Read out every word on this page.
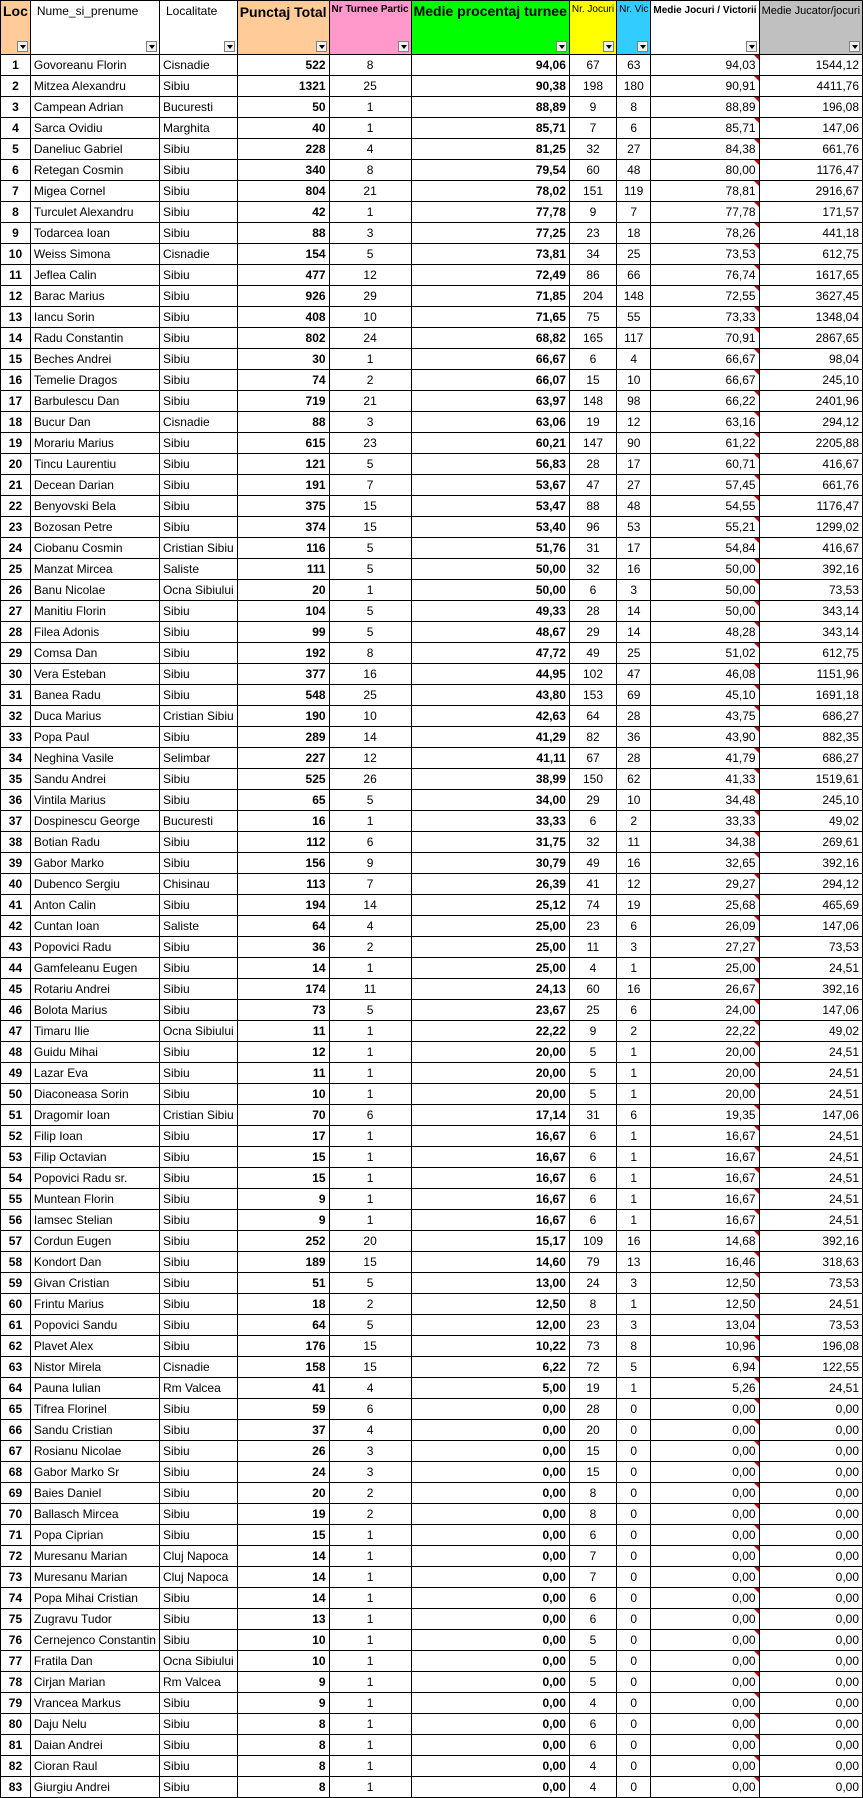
Loc	Nume_si_prenume	Localitate	Punctaj Total	Nr Turnee Partic	Medie procentaj turnee	Nr. Jocuri	Nr. Vic	Medie Jocuri / Victorii	Medie Jucator/jocuri

1	Govoreanu Florin	Cisnadie	522	8	94,06	67	63	94,03	1544,12
2	Mitzea Alexandru	Sibiu	1321	25	90,38	198	180	90,91	4411,76
3	Campean Adrian	Bucuresti	50	1	88,89	9	8	88,89	196,08
4	Sarca Ovidiu	Marghita	40	1	85,71	7	6	85,71	147,06
5	Daneliuc Gabriel	Sibiu	228	4	81,25	32	27	84,38	661,76
6	Retegan Cosmin	Sibiu	340	8	79,54	60	48	80,00	1176,47
7	Migea Cornel	Sibiu	804	21	78,02	151	119	78,81	2916,67
8	Turculet Alexandru	Sibiu	42	1	77,78	9	7	77,78	171,57
9	Todarcea Ioan	Sibiu	88	3	77,25	23	18	78,26	441,18
10	Weiss Simona	Cisnadie	154	5	73,81	34	25	73,53	612,75
11	Jeflea Calin	Sibiu	477	12	72,49	86	66	76,74	1617,65
12	Barac Marius	Sibiu	926	29	71,85	204	148	72,55	3627,45
13	Iancu Sorin	Sibiu	408	10	71,65	75	55	73,33	1348,04
14	Radu Constantin	Sibiu	802	24	68,82	165	117	70,91	2867,65
15	Beches Andrei	Sibiu	30	1	66,67	6	4	66,67	98,04
16	Temelie Dragos	Sibiu	74	2	66,07	15	10	66,67	245,10
17	Barbulescu Dan	Sibiu	719	21	63,97	148	98	66,22	2401,96
18	Bucur Dan	Cisnadie	88	3	63,06	19	12	63,16	294,12
19	Morariu Marius	Sibiu	615	23	60,21	147	90	61,22	2205,88
20	Tincu Laurentiu	Sibiu	121	5	56,83	28	17	60,71	416,67
21	Decean Darian	Sibiu	191	7	53,67	47	27	57,45	661,76
22	Benyovski Bela	Sibiu	375	15	53,47	88	48	54,55	1176,47
23	Bozosan Petre	Sibiu	374	15	53,40	96	53	55,21	1299,02
24	Ciobanu Cosmin	Cristian Sibiu	116	5	51,76	31	17	54,84	416,67
25	Manzat Mircea	Saliste	111	5	50,00	32	16	50,00	392,16
26	Banu Nicolae	Ocna Sibiului	20	1	50,00	6	3	50,00	73,53
27	Manitiu Florin	Sibiu	104	5	49,33	28	14	50,00	343,14
28	Filea Adonis	Sibiu	99	5	48,67	29	14	48,28	343,14
29	Comsa Dan	Sibiu	192	8	47,72	49	25	51,02	612,75
30	Vera Esteban	Sibiu	377	16	44,95	102	47	46,08	1151,96
31	Banea Radu	Sibiu	548	25	43,80	153	69	45,10	1691,18
32	Duca Marius	Cristian Sibiu	190	10	42,63	64	28	43,75	686,27
33	Popa Paul	Sibiu	289	14	41,29	82	36	43,90	882,35
34	Neghina Vasile	Selimbar	227	12	41,11	67	28	41,79	686,27
35	Sandu Andrei	Sibiu	525	26	38,99	150	62	41,33	1519,61
36	Vintila Marius	Sibiu	65	5	34,00	29	10	34,48	245,10
37	Dospinescu George	Bucuresti	16	1	33,33	6	2	33,33	49,02
38	Botian Radu	Sibiu	112	6	31,75	32	11	34,38	269,61
39	Gabor Marko	Sibiu	156	9	30,79	49	16	32,65	392,16
40	Dubenco Sergiu	Chisinau	113	7	26,39	41	12	29,27	294,12
41	Anton Calin	Sibiu	194	14	25,12	74	19	25,68	465,69
42	Cuntan Ioan	Saliste	64	4	25,00	23	6	26,09	147,06
43	Popovici Radu	Sibiu	36	2	25,00	11	3	27,27	73,53
44	Gamfeleanu Eugen	Sibiu	14	1	25,00	4	1	25,00	24,51
45	Rotariu Andrei	Sibiu	174	11	24,13	60	16	26,67	392,16
46	Bolota Marius	Sibiu	73	5	23,67	25	6	24,00	147,06
47	Timaru Ilie	Ocna Sibiului	11	1	22,22	9	2	22,22	49,02
48	Guidu Mihai	Sibiu	12	1	20,00	5	1	20,00	24,51
49	Lazar Eva	Sibiu	11	1	20,00	5	1	20,00	24,51
50	Diaconeasa Sorin	Sibiu	10	1	20,00	5	1	20,00	24,51
51	Dragomir Ioan	Cristian Sibiu	70	6	17,14	31	6	19,35	147,06
52	Filip Ioan	Sibiu	17	1	16,67	6	1	16,67	24,51
53	Filip Octavian	Sibiu	15	1	16,67	6	1	16,67	24,51
54	Popovici Radu sr.	Sibiu	15	1	16,67	6	1	16,67	24,51
55	Muntean Florin	Sibiu	9	1	16,67	6	1	16,67	24,51
56	Iamsec Stelian	Sibiu	9	1	16,67	6	1	16,67	24,51
57	Cordun Eugen	Sibiu	252	20	15,17	109	16	14,68	392,16
58	Kondort Dan	Sibiu	189	15	14,60	79	13	16,46	318,63
59	Givan Cristian	Sibiu	51	5	13,00	24	3	12,50	73,53
60	Frintu Marius	Sibiu	18	2	12,50	8	1	12,50	24,51
61	Popovici Sandu	Sibiu	64	5	12,00	23	3	13,04	73,53
62	Plavet Alex	Sibiu	176	15	10,22	73	8	10,96	196,08
63	Nistor Mirela	Cisnadie	158	15	6,22	72	5	6,94	122,55
64	Pauna Iulian	Rm Valcea	41	4	5,00	19	1	5,26	24,51
65	Tifrea Florinel	Sibiu	59	6	0,00	28	0	0,00	0,00
66	Sandu Cristian	Sibiu	37	4	0,00	20	0	0,00	0,00
67	Rosianu Nicolae	Sibiu	26	3	0,00	15	0	0,00	0,00
68	Gabor Marko Sr	Sibiu	24	3	0,00	15	0	0,00	0,00
69	Baies Daniel	Sibiu	20	2	0,00	8	0	0,00	0,00
70	Ballasch Mircea	Sibiu	19	2	0,00	8	0	0,00	0,00
71	Popa Ciprian	Sibiu	15	1	0,00	6	0	0,00	0,00
72	Muresanu Marian	Cluj Napoca	14	1	0,00	7	0	0,00	0,00
73	Muresanu Marian	Cluj Napoca	14	1	0,00	7	0	0,00	0,00
74	Popa Mihai Cristian	Sibiu	14	1	0,00	6	0	0,00	0,00
75	Zugravu Tudor	Sibiu	13	1	0,00	6	0	0,00	0,00
76	Cernejenco Constantin	Sibiu	10	1	0,00	5	0	0,00	0,00
77	Fratila Dan	Ocna Sibiului	10	1	0,00	5	0	0,00	0,00
78	Cirjan Marian	Rm Valcea	9	1	0,00	5	0	0,00	0,00
79	Vrancea Markus	Sibiu	9	1	0,00	4	0	0,00	0,00
80	Daju Nelu	Sibiu	8	1	0,00	6	0	0,00	0,00
81	Daian Andrei	Sibiu	8	1	0,00	6	0	0,00	0,00
82	Cioran Raul	Sibiu	8	1	0,00	4	0	0,00	0,00
83	Giurgiu Andrei	Sibiu	8	1	0,00	4	0	0,00	0,00
